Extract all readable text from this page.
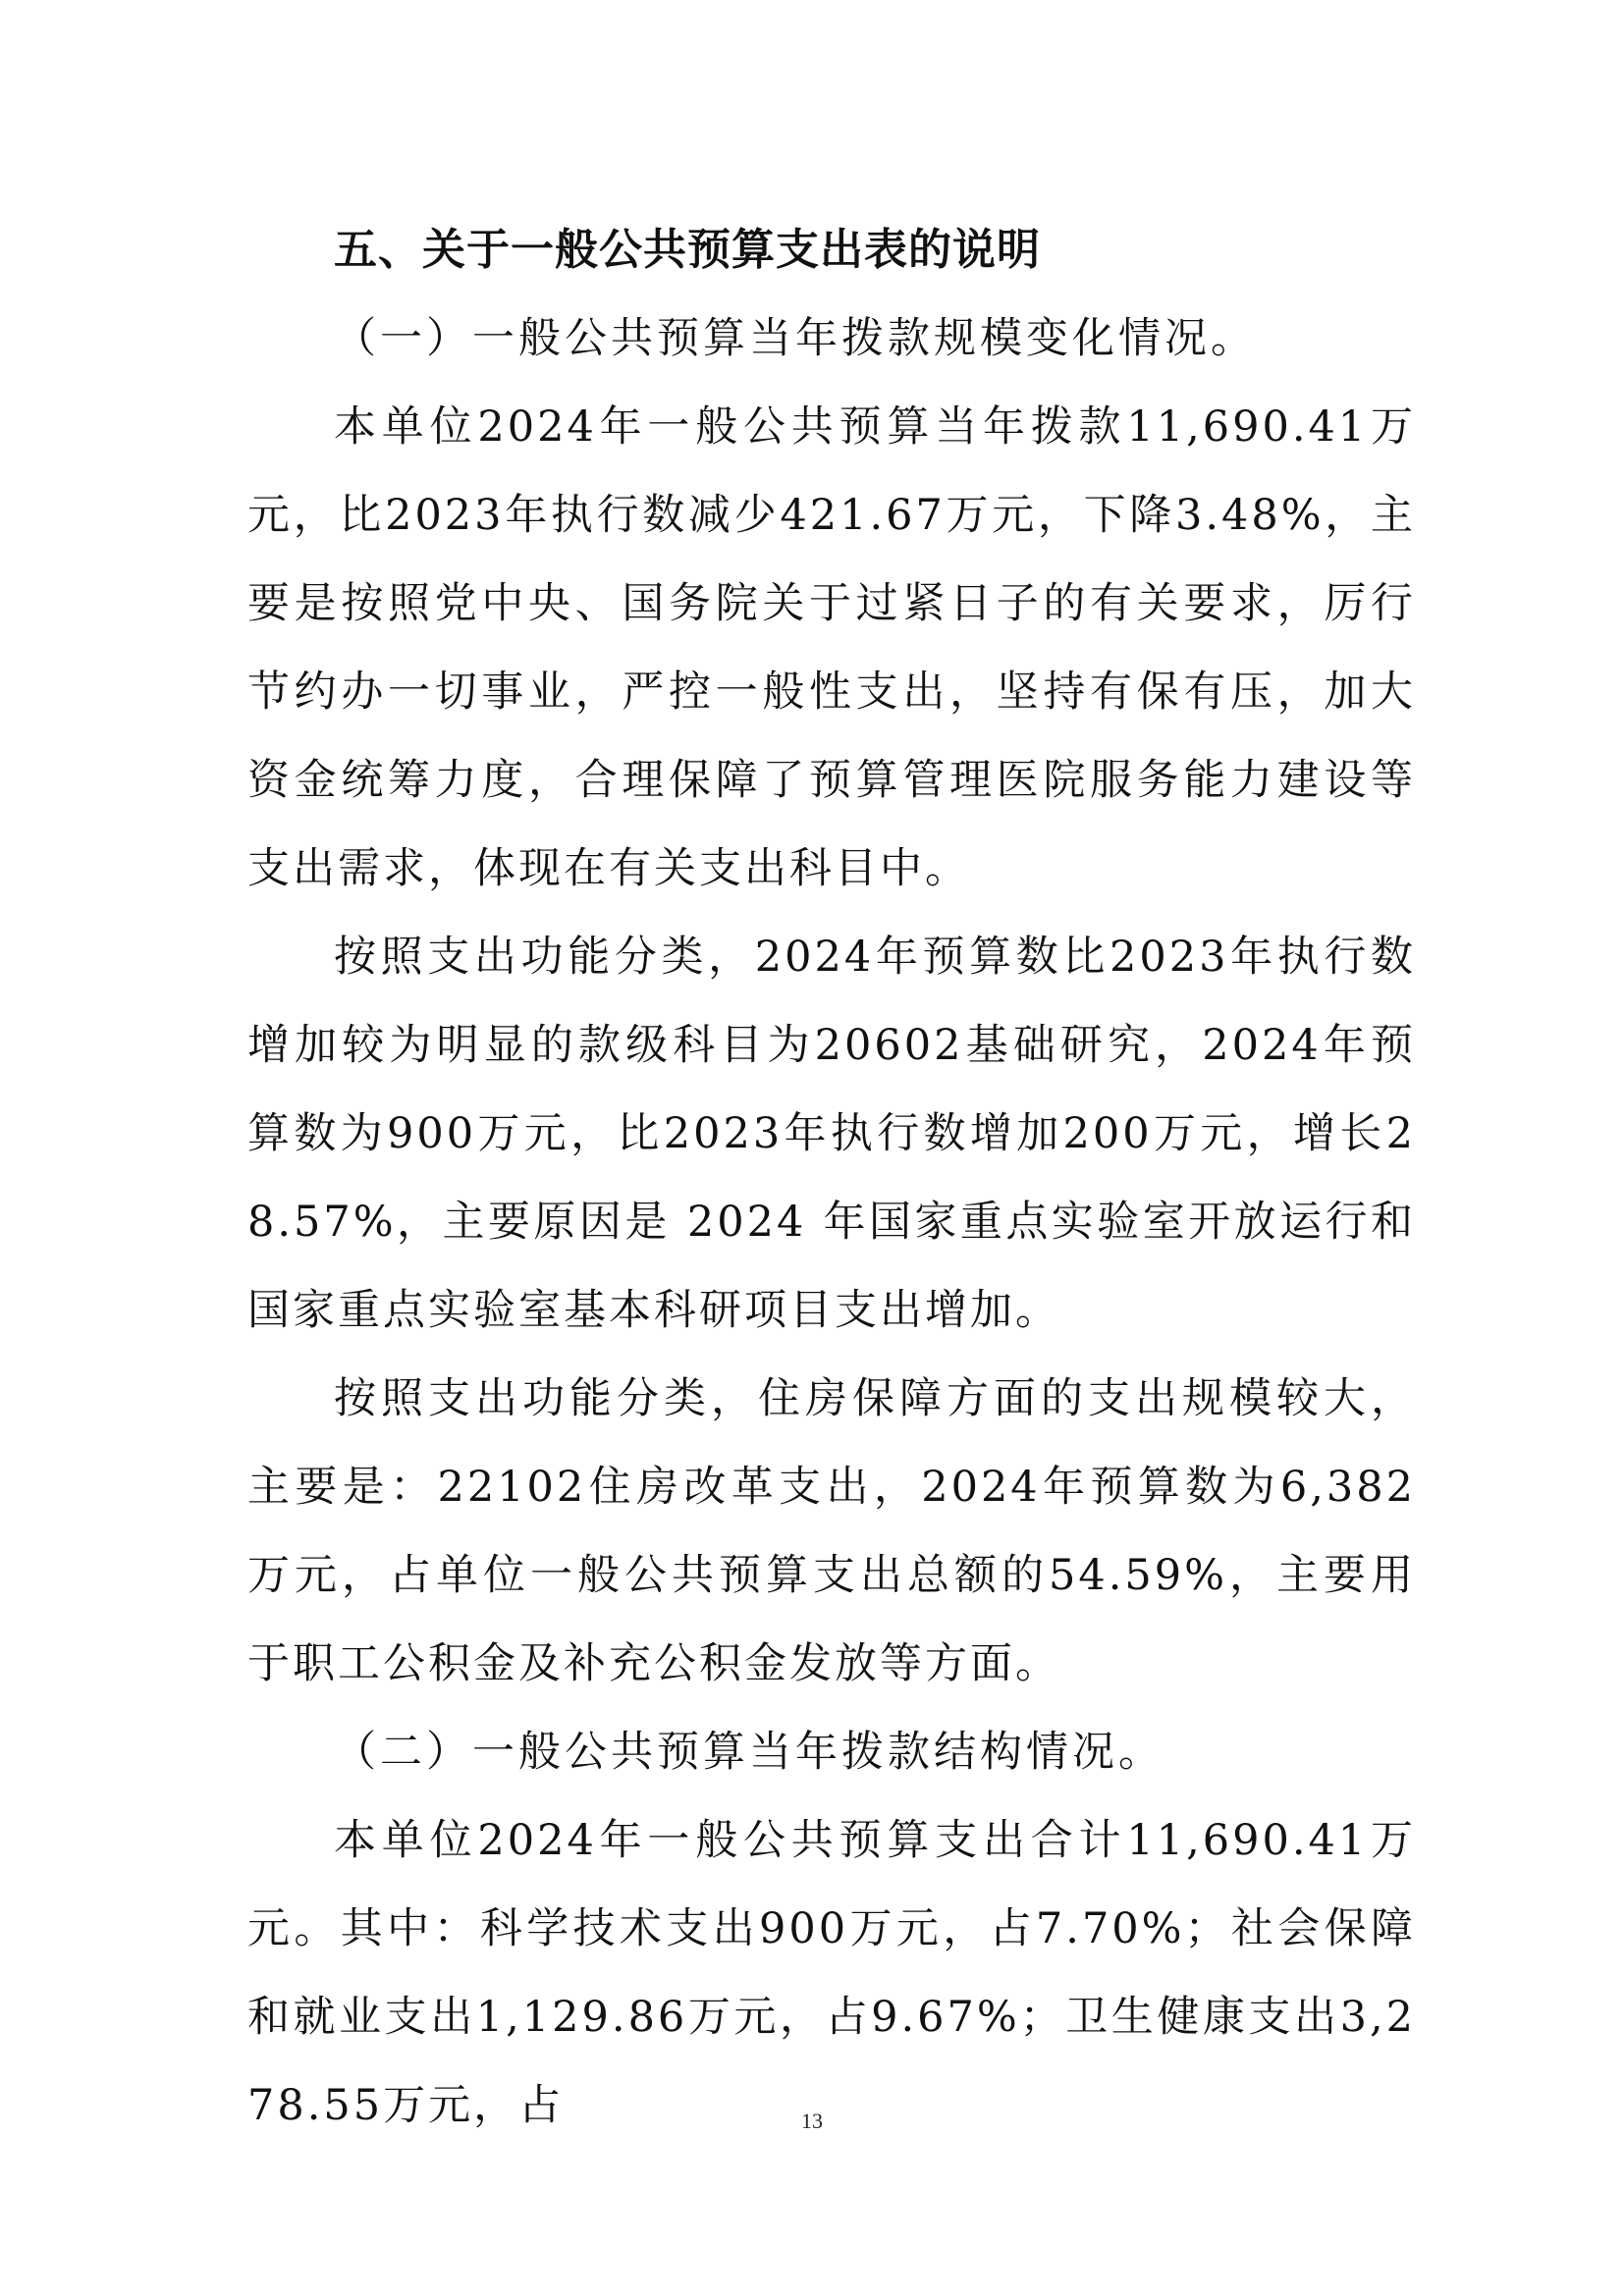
五、关于一般公共预算支出表的说明

（一）一般公共预算当年拨款规模变化情况。

本单位2024年一般公共预算当年拨款11,690.41万元，比2023年执行数减少421.67万元，下降3.48%，主要是按照党中央、国务院关于过紧日子的有关要求，厉行节约办一切事业，严控一般性支出，坚持有保有压，加大资金统筹力度，合理保障了预算管理医院服务能力建设等支出需求，体现在有关支出科目中。

按照支出功能分类，2024年预算数比2023年执行数增加较为明显的款级科目为20602基础研究，2024年预算数为900万元，比2023年执行数增加200万元，增长28.57%，主要原因是 2024 年国家重点实验室开放运行和国家重点实验室基本科研项目支出增加。

按照支出功能分类，住房保障方面的支出规模较大，主要是：22102住房改革支出，2024年预算数为6,382万元，占单位一般公共预算支出总额的54.59%，主要用于职工公积金及补充公积金发放等方面。

（二）一般公共预算当年拨款结构情况。

本单位2024年一般公共预算支出合计11,690.41万元。其中：科学技术支出900万元，占7.70%；社会保障和就业支出1,129.86万元，占9.67%；卫生健康支出3,278.55万元，占	13
